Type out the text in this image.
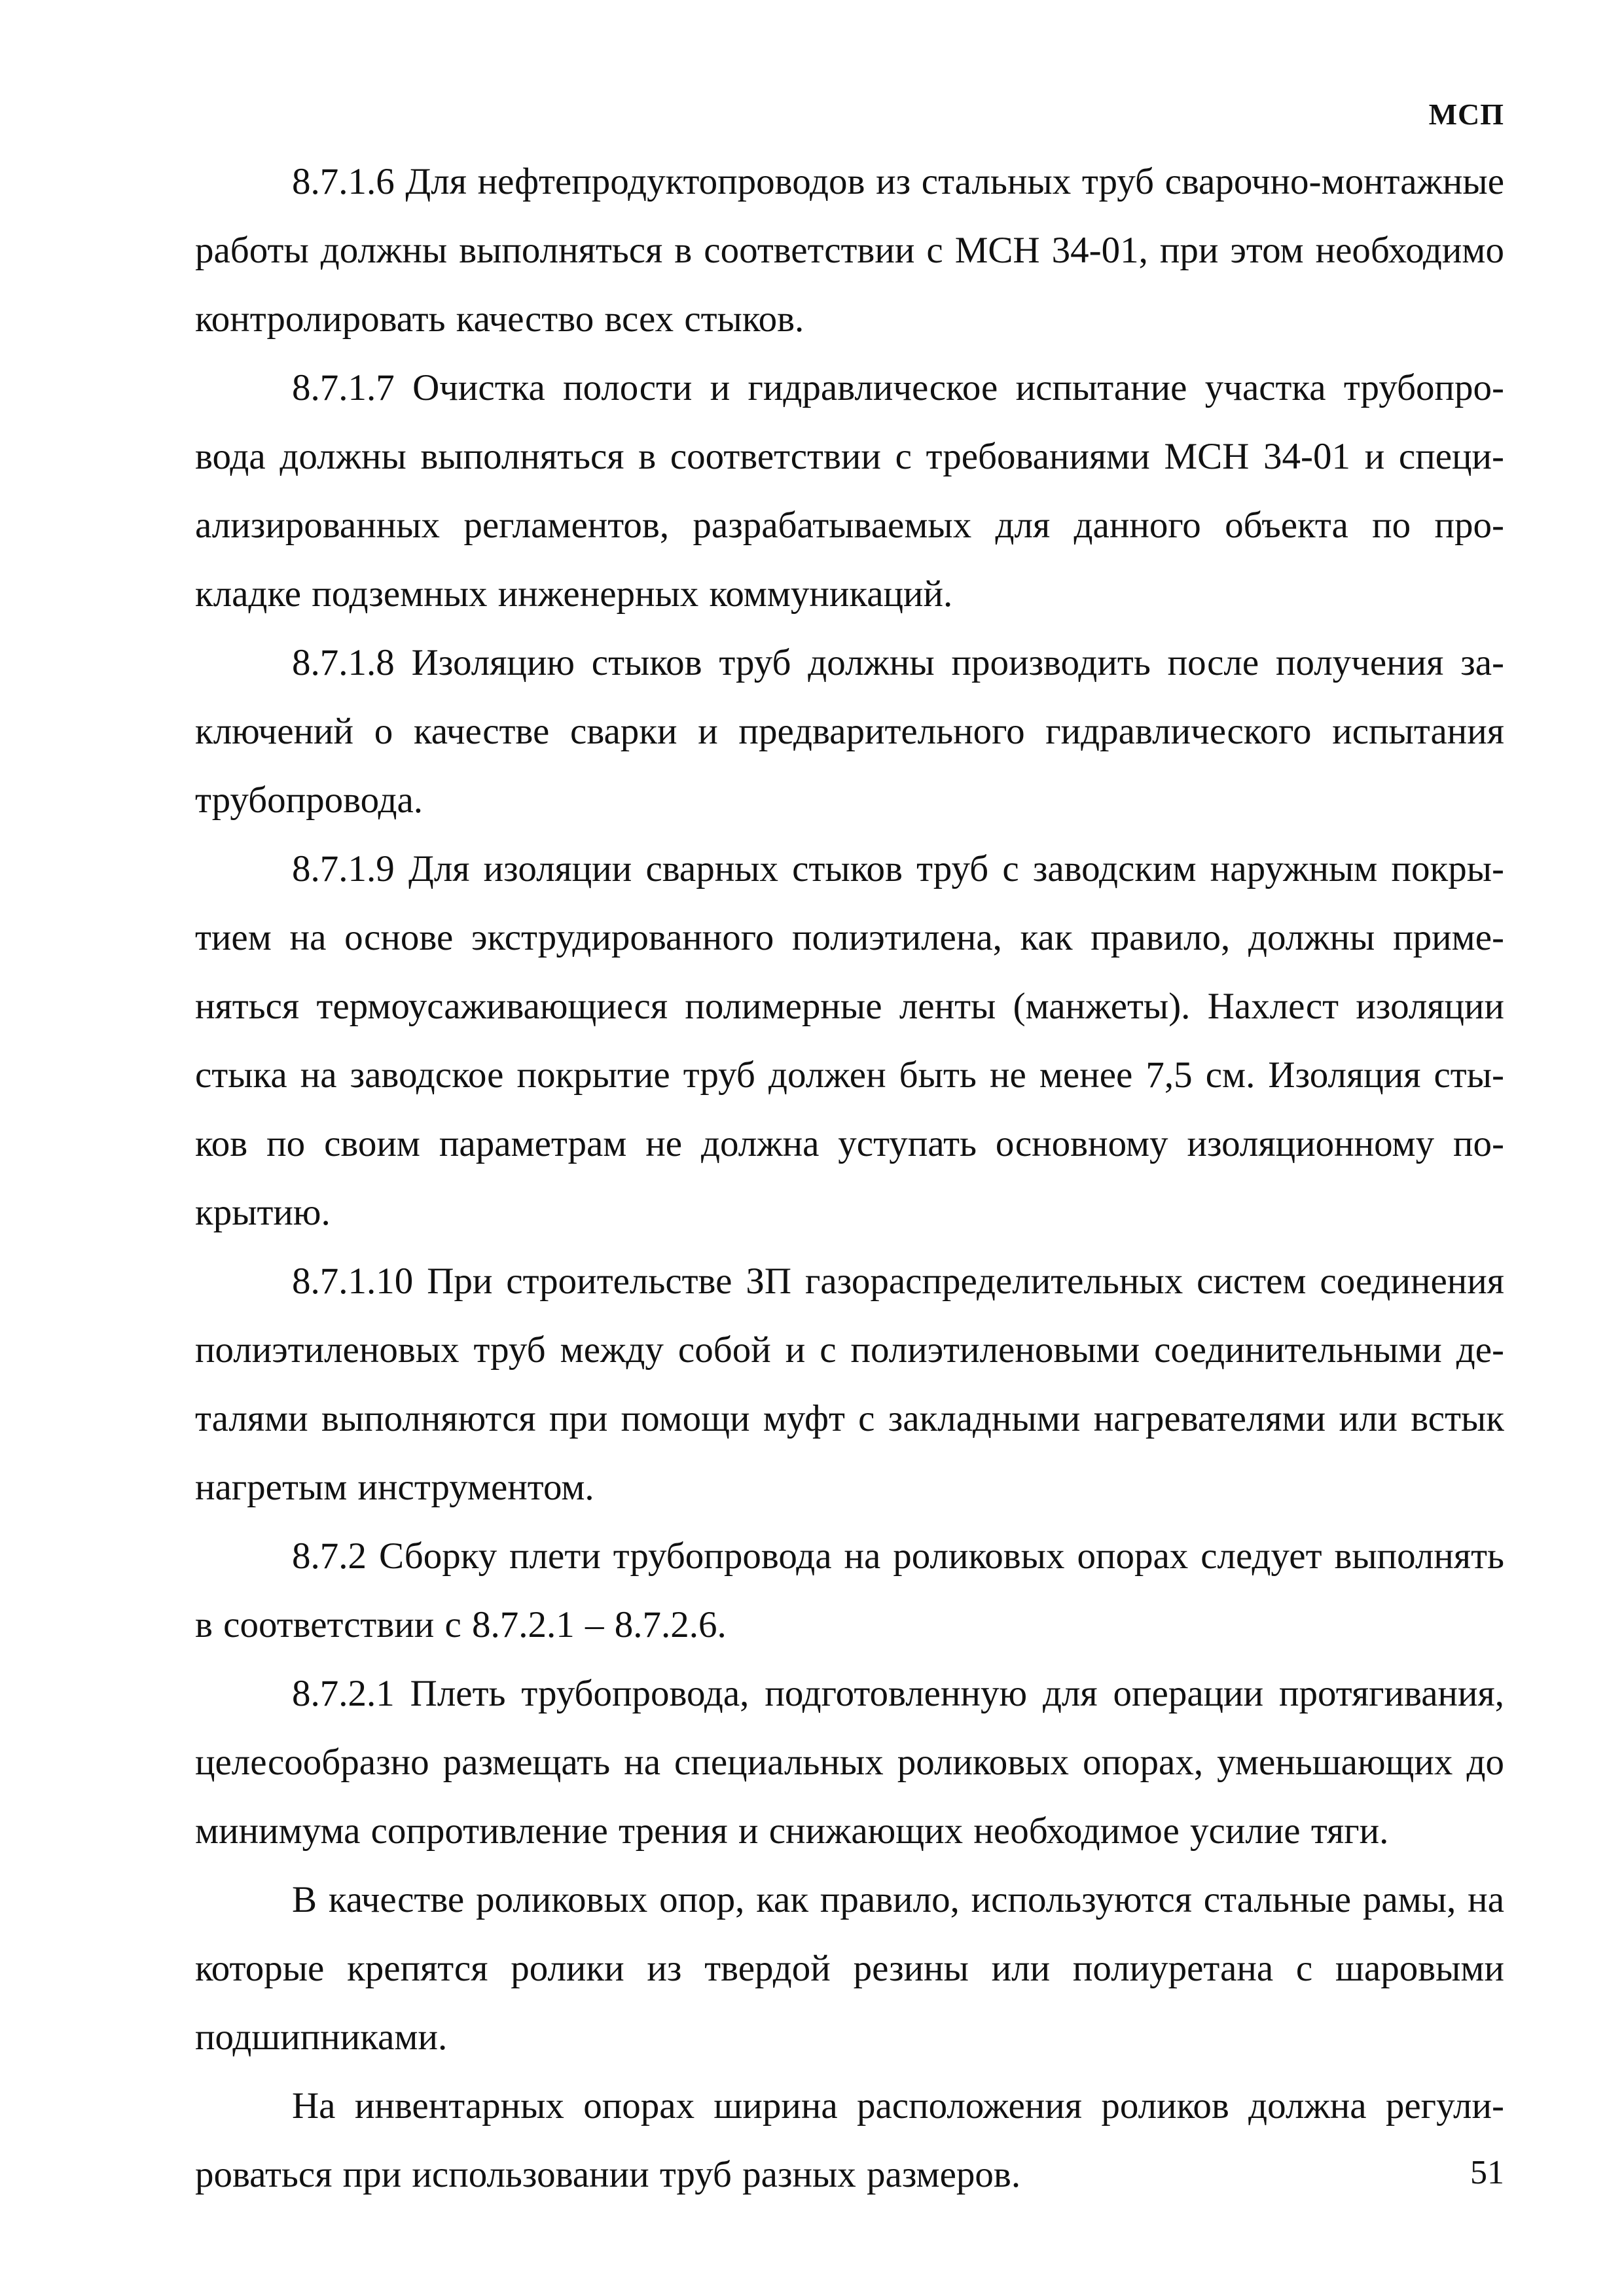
МСП

8.7.1.6 Для нефтепродуктопроводов из стальных труб сварочно-монтажные работы должны выполняться в соответствии с МСН 34-01, при этом необходимо контролировать качество всех стыков.

8.7.1.7 Очистка полости и гидравлическое испытание участка трубопровода должны выполняться в соответствии с требованиями МСН 34-01 и специализированных регламентов, разрабатываемых для данного объекта по прокладке подземных инженерных коммуникаций.

8.7.1.8 Изоляцию стыков труб должны производить после получения заключений о качестве сварки и предварительного гидравлического испытания трубопровода.

8.7.1.9 Для изоляции сварных стыков труб с заводским наружным покрытием на основе экструдированного полиэтилена, как правило, должны применяться термоусаживающиеся полимерные ленты (манжеты). Нахлест изоляции стыка на заводское покрытие труб должен быть не менее 7,5 см. Изоляция стыков по своим параметрам не должна уступать основному изоляционному покрытию.

8.7.1.10 При строительстве ЗП газораспределительных систем соединения полиэтиленовых труб между собой и с полиэтиленовыми соединительными деталями выполняются при помощи муфт с закладными нагревателями или встык нагретым инструментом.

8.7.2 Сборку плети трубопровода на роликовых опорах следует выполнять в соответствии с 8.7.2.1 – 8.7.2.6.

8.7.2.1 Плеть трубопровода, подготовленную для операции протягивания, целесообразно размещать на специальных роликовых опорах, уменьшающих до минимума сопротивление трения и снижающих необходимое усилие тяги.

В качестве роликовых опор, как правило, используются стальные рамы, на которые крепятся ролики из твердой резины или полиуретана с шаровыми подшипниками.

На инвентарных опорах ширина расположения роликов должна регулироваться при использовании труб разных размеров.	51
